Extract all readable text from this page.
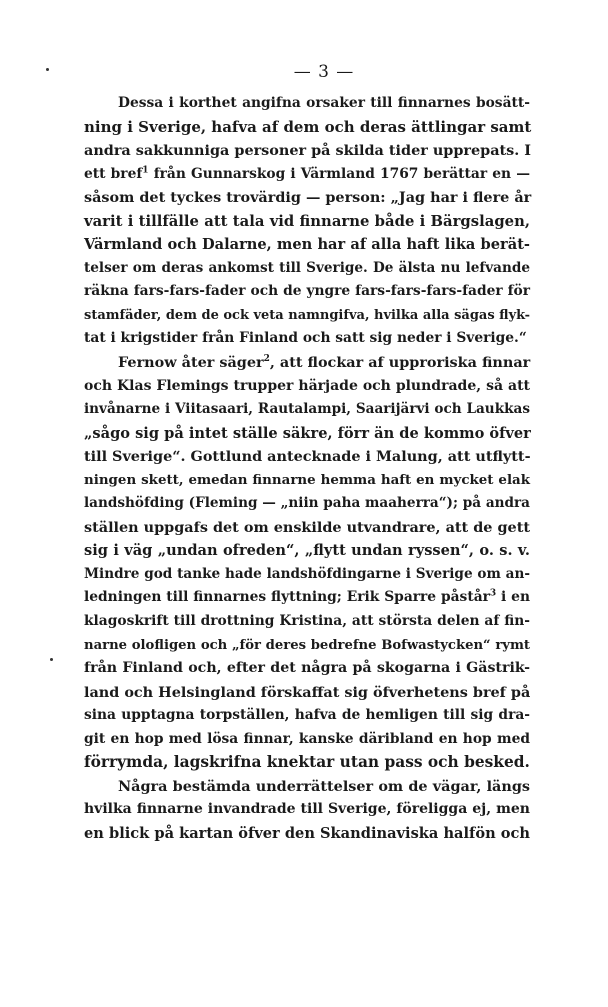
— 3 —
Dessa i korthet angifna orsaker till finnarnes bosätt-
ning i Sverige, hafva af dem och deras ättlingar samt
andra sakkunniga personer på skilda tider upprepats. I
ett bref$^1$ från Gunnarskog i Värmland 1767 berättar en —
såsom det tyckes trovärdig — person: „Jag har i flere år
varit i tillfälle att tala vid finnarne både i Bärgslagen,
Värmland och Dalarne, men har af alla haft lika berät-
telser om deras ankomst till Sverige. De älsta nu lefvande
räkna fars-fars-fader och de yngre fars-fars-fars-fader för
stamfäder, dem de ock veta namngifva, hvilka alla sägas flyk-
tat i krigstider från Finland och satt sig neder i Sverige.“
Fernow åter säger$^2$, att flockar af upproriska finnar
och Klas Flemings trupper härjade och plundrade, så att
invånarne i Viitasaari, Rautalampi, Saarijärvi och Laukkas
„sågo sig på intet ställe säkre, förr än de kommo öfver
till Sverige“. Gottlund antecknade i Malung, att utflytt-
ningen skett, emedan finnarne hemma haft en mycket elak
landshöfding (Fleming — „niin paha maaherra“); på andra
ställen uppgafs det om enskilde utvandrare, att de gett
sig i väg „undan ofreden“, „flytt undan ryssen“, o. s. v.
Mindre god tanke hade landshöfdingarne i Sverige om an-
ledningen till finnarnes flyttning; Erik Sparre påstår$^3$ i en
klagoskrift till drottning Kristina, att största delen af fin-
narne olofligen och „för deres bedrefne Bofwastycken“ rymt
från Finland och, efter det några på skogarna i Gästrik-
land och Helsingland förskaffat sig öfverhetens bref på
sina upptagna torpställen, hafva de hemligen till sig dra-
git en hop med lösa finnar, kanske däribland en hop med
förrymda, lagskrifna knektar utan pass och besked.
Några bestämda underrättelser om de vägar, längs
hvilka finnarne invandrade till Sverige, föreligga ej, men
en blick på kartan öfver den Skandinaviska halfön och
